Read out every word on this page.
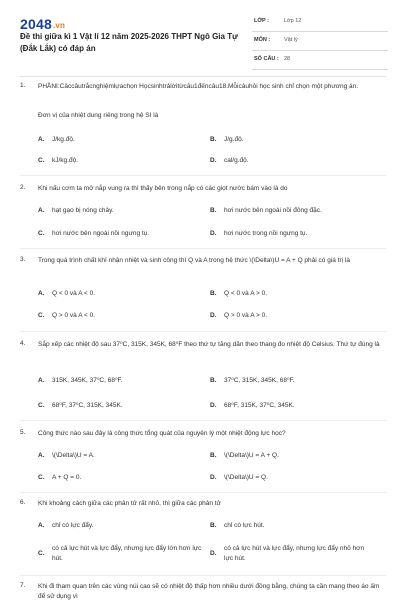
2048.vn
Đề thi giữa kì 1 Vật lí 12 năm 2025-2026 THPT Ngô Gia Tự (Đắk Lắk) có đáp án
LỚP :	Lớp 12
MÔN :	Vật lý
SỐ CÂU : 28
1. PHẦNI:Câccâutrắcnghiệmlựachọn Họcsinhtrảlờitừcâu1đếncâu18.Mỗicâuhỏi học sinh chỉ chọn một phương án.
Đơn vị của nhiệt dung riêng trong hệ SI là
A. J/kg.độ.	B. J/g.độ.
C. kJ/kg.độ.	D. cal/g.độ.
2. Khi nấu cơm ta mở nắp vung ra thì thấy bên trong nắp có các giọt nước bám vào là do
A. hạt gạo bị nóng chảy.	B. hơi nước bên ngoài nồi đông đặc.
C. hơi nước bên ngoài nồi ngưng tụ.	D. hơi nước trong nồi ngưng tụ.
3. Trong quá trình chất khí nhận nhiệt và sinh công thì Q và A trong hệ thức \(\Delta\)U = A + Q phải có giá trị là
A. Q < 0 và A < 0.	B. Q < 0 và A > 0.
C. Q > 0 và A < 0.	D. Q > 0 và A > 0.
4. Sắp xếp các nhiệt độ sau 37⁰C, 315K, 345K, 68⁰F theo thứ tự tăng dần theo thang đo nhiệt độ Celsius. Thứ tự đúng là
A. 315K, 345K, 37⁰C, 68⁰F.	B. 37⁰C, 315K, 345K, 68⁰F.
C. 68⁰F, 37⁰C, 315K, 345K.	D. 68⁰F, 315K, 37⁰C, 345K.
5. Công thức nào sau đây là công thức tổng quát của nguyên lý một nhiệt động lực học?
A. \(\Delta\)U = A.	B. \(\Delta\)U = A + Q.
C. A + Q = 0.	D. \(\Delta\)U = Q.
6. Khi khoảng cách giữa các phân tử rất nhỏ, thì giữa các phân tử
A. chỉ có lực đẩy.	B. chỉ có lực hút.
C.
có cả lực hút và lực đẩy, nhưng lực đẩy lớn hơn lực hút.
D.
có cả lực hút và lực đẩy, nhưng lực đẩy nhỏ hơn lực hút.
7. Khi đi tham quan trên các vùng núi cao sẽ có nhiệt độ thấp hơn nhiều dưới đồng bằng, chúng ta cần mang theo áo ấm để sử dụng vì
